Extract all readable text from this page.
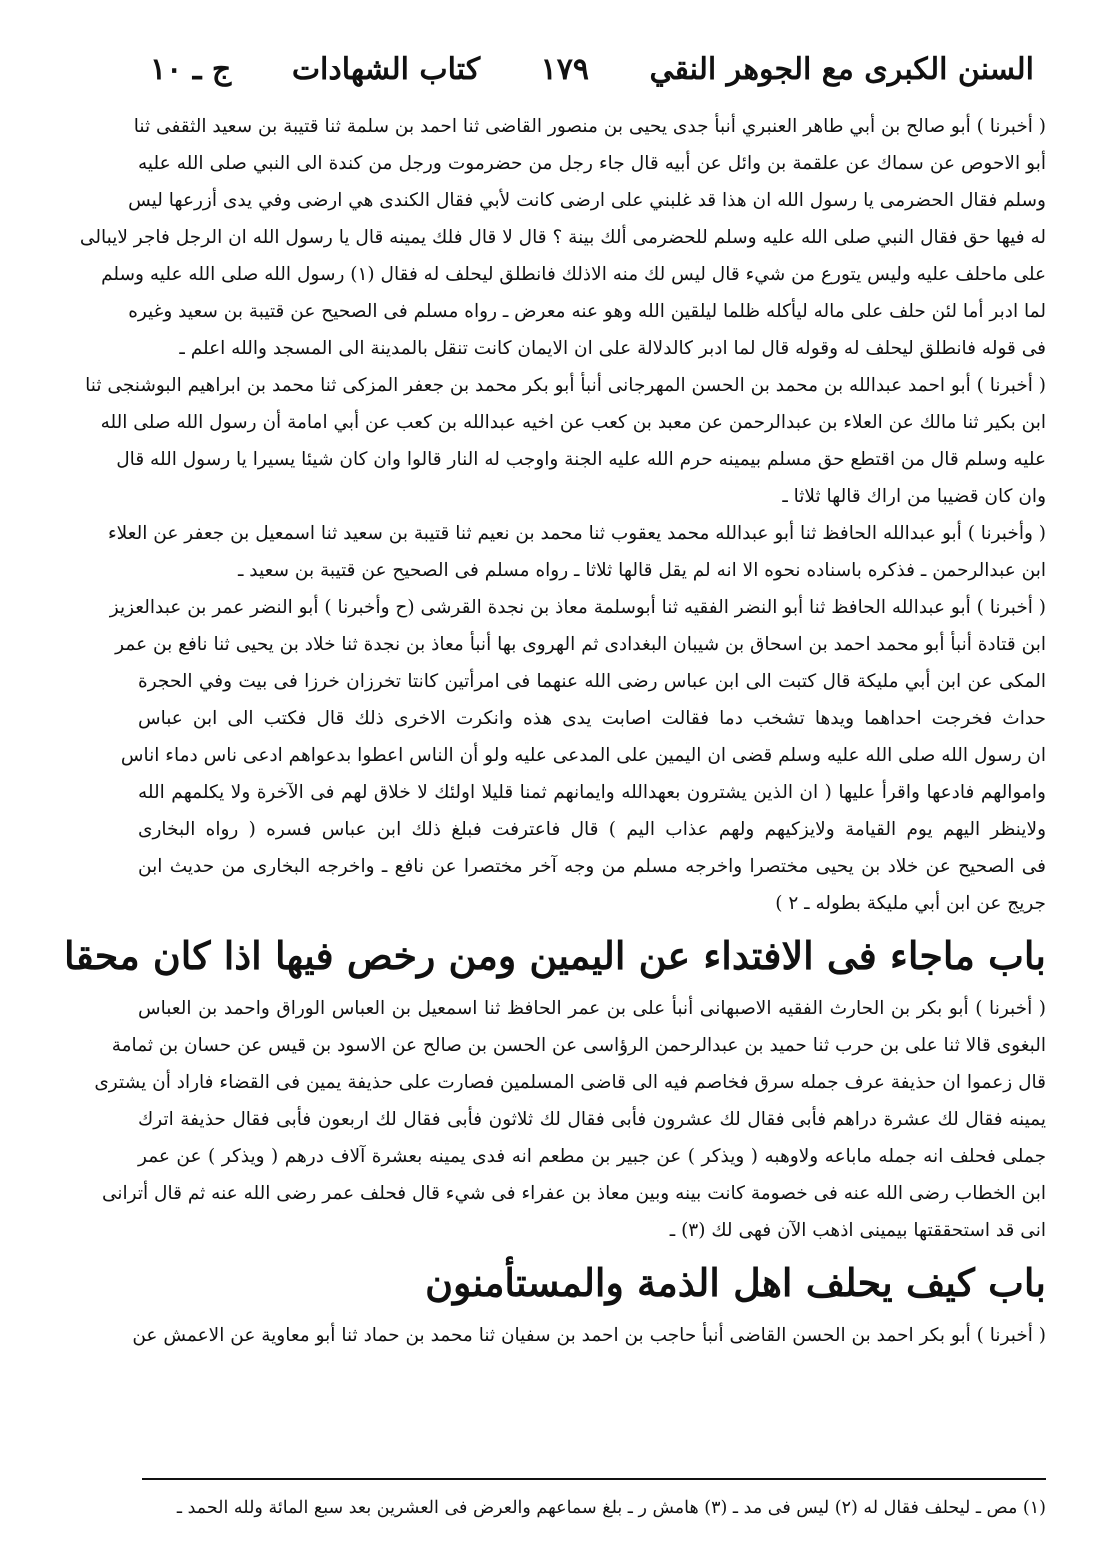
السنن الكبرى مع الجوهر النقي
١٧٩
كتاب الشهادات
ج ـ ١٠
( أخبرنا ) أبو صالح بن أبي طاهر العنبري أنبأ جدى يحيى بن منصور القاضى ثنا احمد بن سلمة ثنا قتيبة بن سعيد الثقفى ثنا
أبو الاحوص عن سماك عن علقمة بن وائل عن أبيه قال جاء رجل من حضرموت ورجل من كندة الى النبي صلى الله عليه
وسلم فقال الحضرمى يا رسول الله ان هذا قد غلبني على ارضى كانت لأبي فقال الكندى هي ارضى وفي يدى أزرعها ليس
له فيها حق فقال النبي صلى الله عليه وسلم للحضرمى ألك بينة ؟ قال لا قال فلك يمينه قال يا رسول الله ان الرجل فاجر لايبالى
على ماحلف عليه وليس يتورع من شيء قال ليس لك منه الاذلك فانطلق ليحلف له فقال (١) رسول الله صلى الله عليه وسلم
لما ادبر أما لئن حلف على ماله ليأكله ظلما ليلقين الله وهو عنه معرض ـ رواه مسلم فى الصحيح عن قتيبة بن سعيد وغيره
فى قوله فانطلق ليحلف له وقوله قال لما ادبر كالدلالة على ان الايمان كانت تنقل بالمدينة الى المسجد والله اعلم ـ
( أخبرنا ) أبو احمد عبدالله بن محمد بن الحسن المهرجانى أنبأ أبو بكر محمد بن جعفر المزكى ثنا محمد بن ابراهيم البوشنجى ثنا
ابن بكير ثنا مالك عن العلاء بن عبدالرحمن عن معبد بن كعب عن اخيه عبدالله بن كعب عن أبي امامة أن رسول الله صلى الله
عليه وسلم قال من اقتطع حق مسلم بيمينه حرم الله عليه الجنة واوجب له النار قالوا وان كان شيئا يسيرا يا رسول الله قال
وان كان قضيبا من اراك قالها ثلاثا ـ
( وأخبرنا ) أبو عبدالله الحافظ ثنا أبو عبدالله محمد يعقوب ثنا محمد بن نعيم ثنا قتيبة بن سعيد ثنا اسمعيل بن جعفر عن العلاء
ابن عبدالرحمن ـ فذكره باسناده نحوه الا انه لم يقل قالها ثلاثا ـ رواه مسلم فى الصحيح عن قتيبة بن سعيد ـ
( أخبرنا ) أبو عبدالله الحافظ ثنا أبو النضر الفقيه ثنا أبوسلمة معاذ بن نجدة القرشى (ح وأخبرنا ) أبو النضر عمر بن عبدالعزيز
ابن قتادة أنبأ أبو محمد احمد بن اسحاق بن شيبان البغدادى ثم الهروى بها أنبأ معاذ بن نجدة ثنا خلاد بن يحيى ثنا نافع بن عمر
المكى عن ابن أبي مليكة قال كتبت الى ابن عباس رضى الله عنهما فى امرأتين كانتا تخرزان خرزا فى بيت وفي الحجرة
حداث فخرجت احداهما ويدها تشخب دما فقالت اصابت يدى هذه وانكرت الاخرى ذلك قال فكتب الى ابن عباس
ان رسول الله صلى الله عليه وسلم قضى ان اليمين على المدعى عليه ولو أن الناس اعطوا بدعواهم ادعى ناس دماء اناس
واموالهم فادعها واقرأ عليها ( ان الذين يشترون بعهدالله وايمانهم ثمنا قليلا اولئك لا خلاق لهم فى الآخرة ولا يكلمهم الله
ولاينظر اليهم يوم القيامة ولايزكيهم ولهم عذاب اليم ) قال فاعترفت فبلغ ذلك ابن عباس فسره ( رواه البخارى
فى الصحيح عن خلاد بن يحيى مختصرا واخرجه مسلم من وجه آخر مختصرا عن نافع ـ واخرجه البخارى من حديث ابن
جريج عن ابن أبي مليكة بطوله ـ ٢ )
باب ماجاء فى الافتداء عن اليمين ومن رخص فيها اذا كان محقا
( أخبرنا ) أبو بكر بن الحارث الفقيه الاصبهانى أنبأ على بن عمر الحافظ ثنا اسمعيل بن العباس الوراق واحمد بن العباس
البغوى قالا ثنا على بن حرب ثنا حميد بن عبدالرحمن الرؤاسى عن الحسن بن صالح عن الاسود بن قيس عن حسان بن ثمامة
قال زعموا ان حذيفة عرف جمله سرق فخاصم فيه الى قاضى المسلمين فصارت على حذيفة يمين فى القضاء فاراد أن يشترى
يمينه فقال لك عشرة دراهم فأبى فقال لك عشرون فأبى فقال لك ثلاثون فأبى فقال لك اربعون فأبى فقال حذيفة اترك
جملى فحلف انه جمله ماباعه ولاوهبه ( ويذكر ) عن جبير بن مطعم انه فدى يمينه بعشرة آلاف درهم ( ويذكر ) عن عمر
ابن الخطاب رضى الله عنه فى خصومة كانت بينه وبين معاذ بن عفراء فى شيء قال فحلف عمر رضى الله عنه ثم قال أترانى
انى قد استحققتها بيمينى اذهب الآن فهى لك (٣) ـ
باب كيف يحلف اهل الذمة والمستأمنون
( أخبرنا ) أبو بكر احمد بن الحسن القاضى أنبأ حاجب بن احمد بن سفيان ثنا محمد بن حماد ثنا أبو معاوية عن الاعمش عن
(١) مص ـ ليحلف فقال له (٢) ليس فى مد ـ (٣) هامش ر ـ بلغ سماعهم والعرض فى العشرين بعد سبع المائة ولله الحمد ـ
